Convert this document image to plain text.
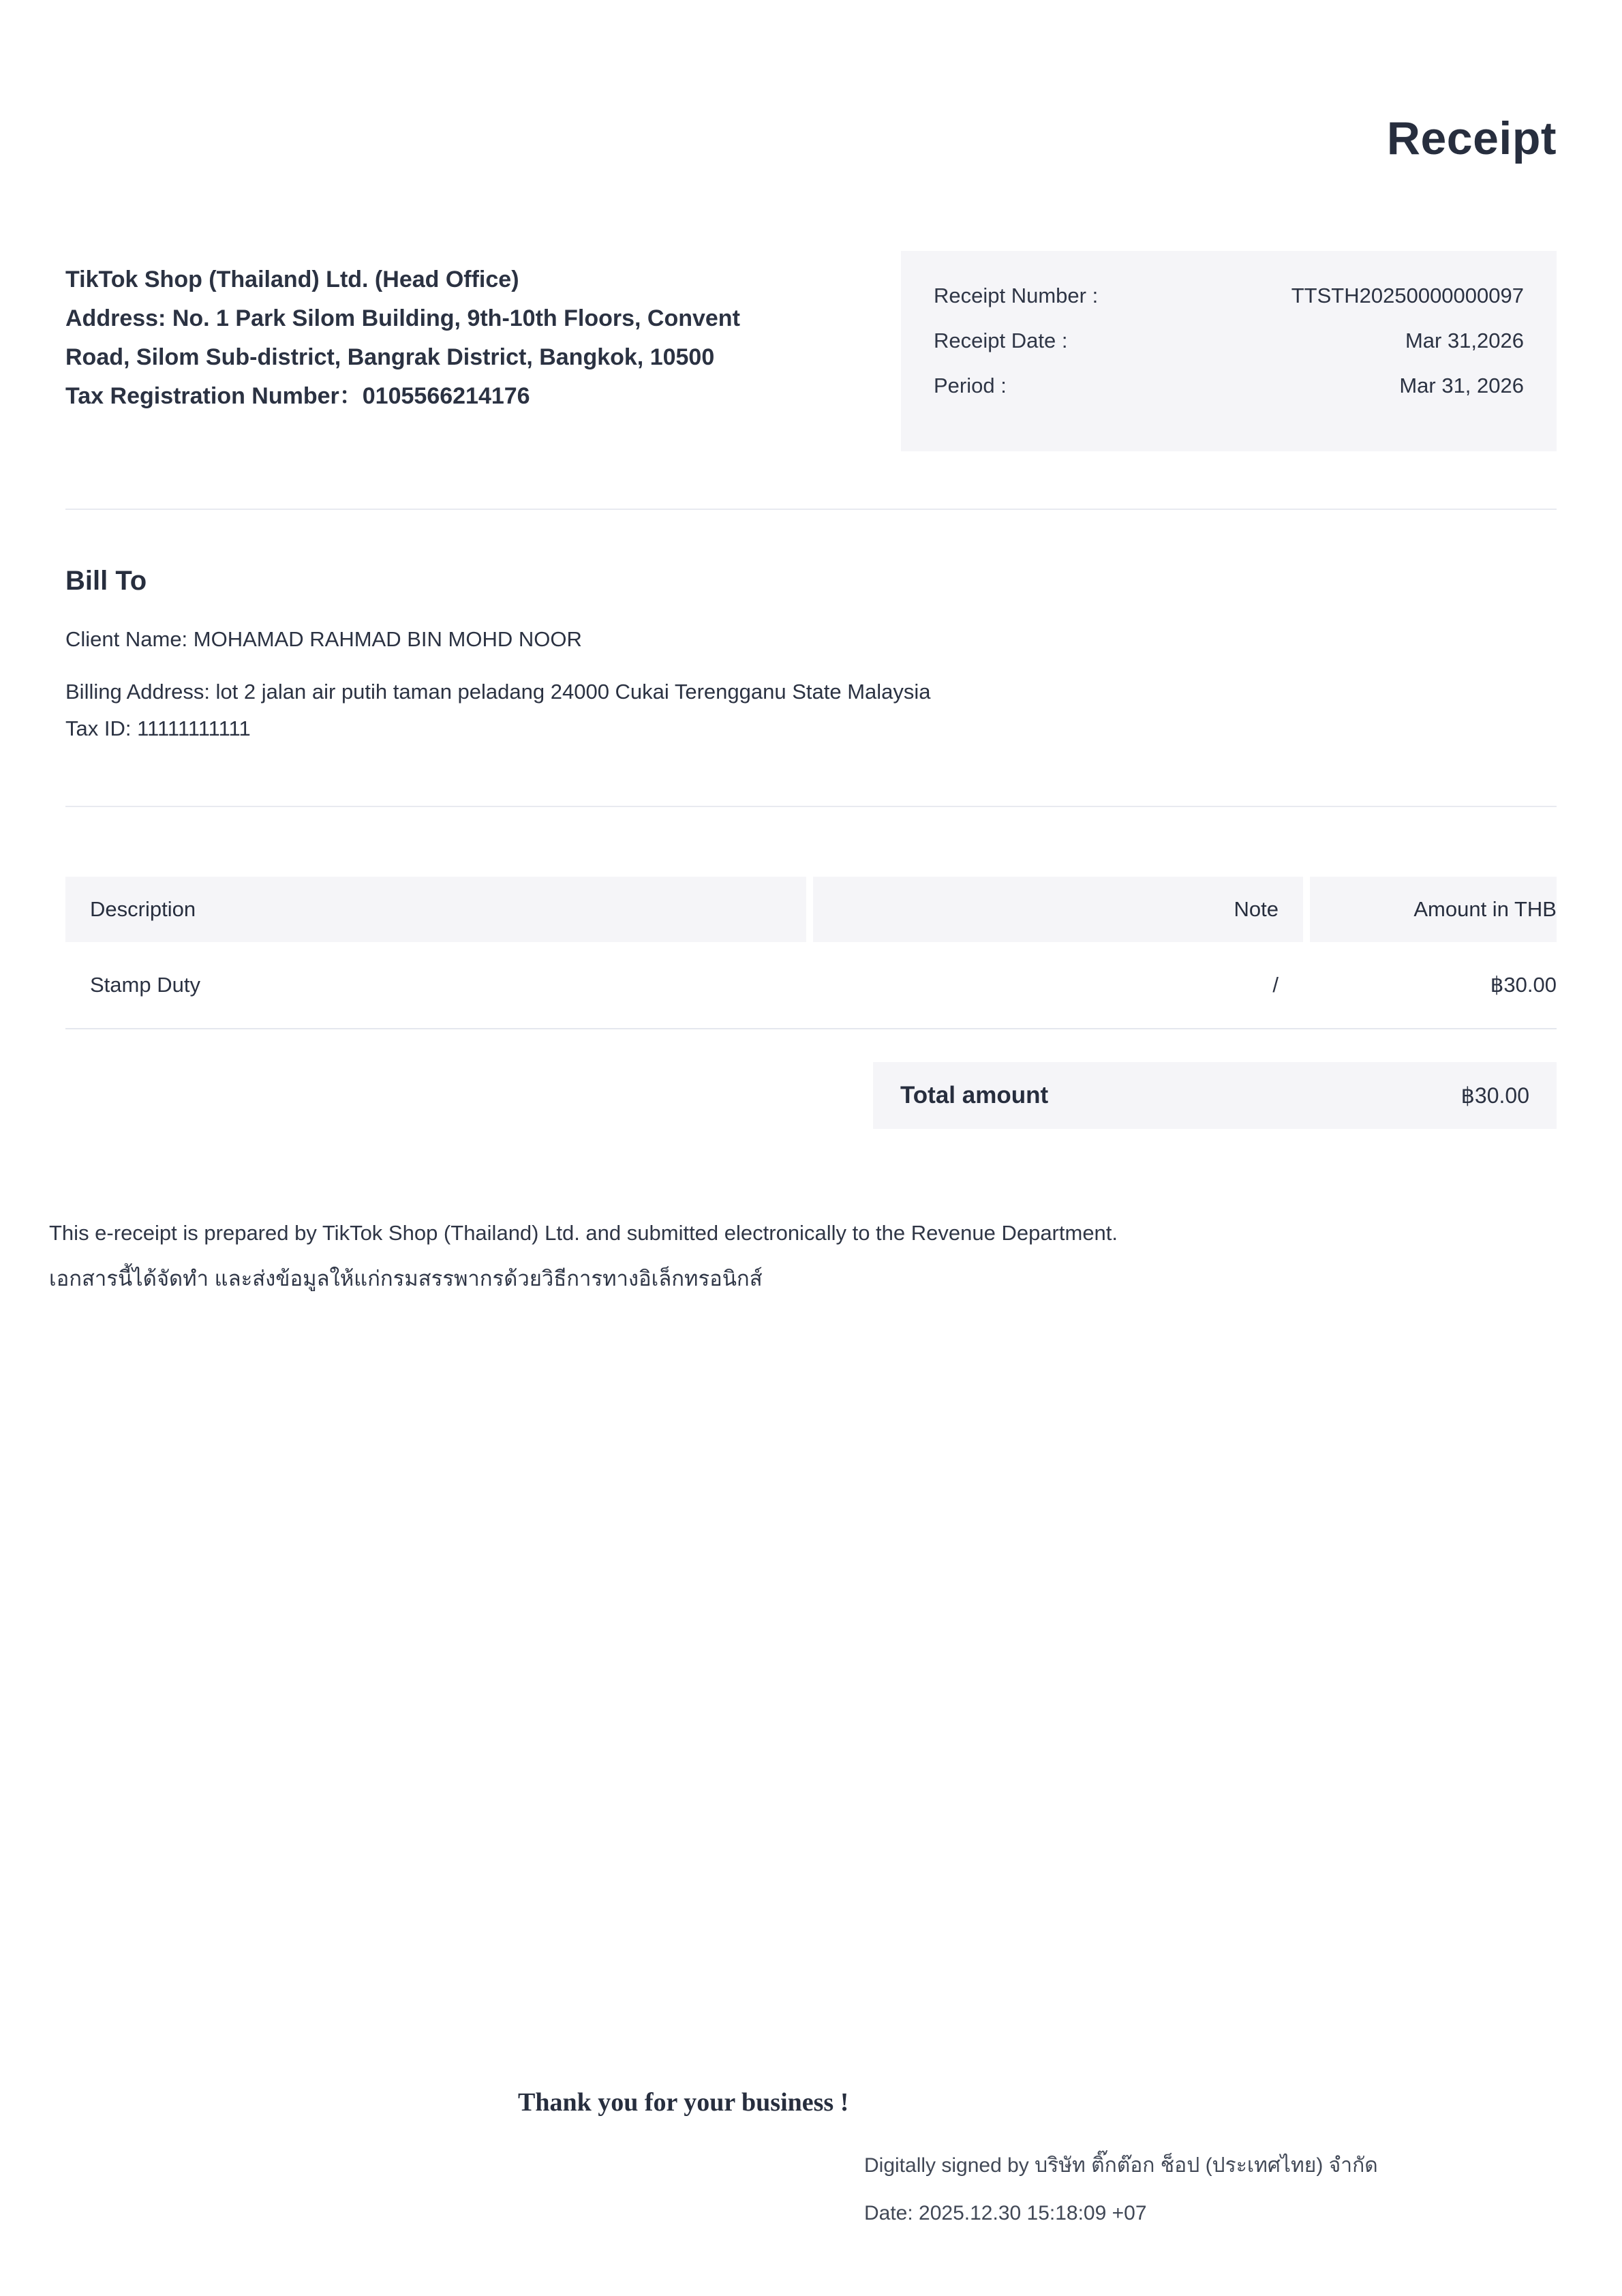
Receipt

TikTok Shop (Thailand) Ltd. (Head Office)

Address: No. 1 Park Silom Building, 9th-10th Floors, Convent

Road, Silom Sub-district, Bangrak District, Bangkok, 10500

Tax Registration Number：0105566214176

Receipt Number :	TTSTH20250000000097
Receipt Date :	Mar 31,2026
Period :	Mar 31, 2026
Bill To

Client Name: MOHAMAD RAHMAD BIN MOHD NOOR

Billing Address: lot 2 jalan air putih taman peladang 24000 Cukai Terengganu State Malaysia

Tax ID: 11111111111

Description	Note	Amount in THB
Stamp Duty	/	฿30.00
Total amount	฿30.00

This e-receipt is prepared by TikTok Shop (Thailand) Ltd. and submitted electronically to the Revenue Department.

เอกสารนี้ได้จัดทำ และส่งข้อมูลให้แก่กรมสรรพากรด้วยวิธีการทางอิเล็กทรอนิกส์

Thank you for your business !

Digitally signed by บริษัท ติ๊กต๊อก ช็อป (ประเทศไทย) จำกัด

Date: 2025.12.30 15:18:09 +07
